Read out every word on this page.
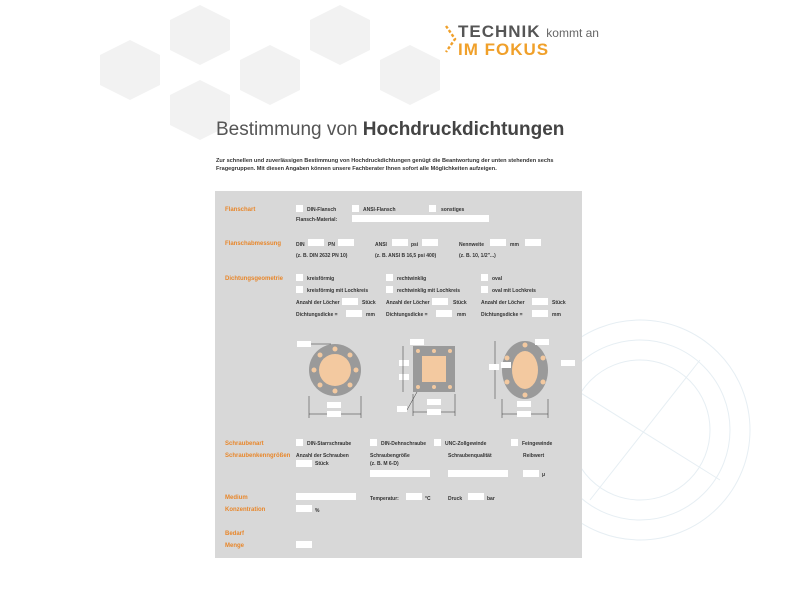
TECHNIK kommt an
IM FOKUS
Bestimmung von Hochdruckdichtungen
Zur schnellen und zuverlässigen Bestimmung von Hochdruckdichtungen genügt die Beantwortung der unten stehenden sechs Fragegruppen. Mit diesen Angaben können unsere Fachberater Ihnen sofort alle Möglichkeiten aufzeigen.
Flanschart	DIN-Flansch	ANSI-Flansch	sonstiges
Flansch-Material:
Flanschabmessung	DIN	PN
(z. B. DIN 2632 PN 10)
ANSI	psi
(z. B. ANSI B 16,5 psi 400)
Nennweite	mm
(z. B. 10, 1/2"...)
Dichtungsgeometrie	kreisförmig	rechtwinklig	oval
kreisförmig mit Lochkreis	rechtwinklig mit Lochkreis	oval mit Lochkreis
Anzahl der Löcher	Stück Anzahl der Löcher	Stück	Anzahl der Löcher	Stück
Dichtungsdicke =	mm Dichtungsdicke =	mm	Dichtungsdicke =	mm
Schraubenart	DIN-Starrschraube	DIN-Dehnschraube	UNC-Zollgewinde	Feingewinde
Schraubenkenngrößen Anzahl der Schrauben
Stück
Schraubengröße
(z. B. M 6-D)
Schraubenqualität	Reibwert
μ
Medium	Temperatur:	°C	Druck	bar
Konzentration	%
Bedarf
Menge
